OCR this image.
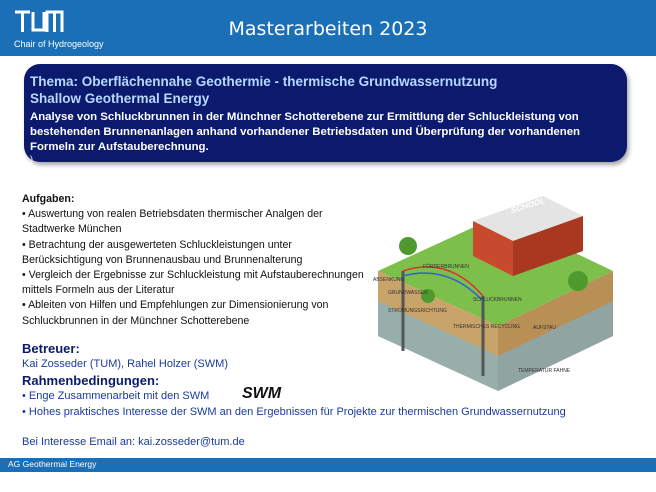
Chair of Hydrogeology
Masterarbeiten 2023
Thema: Oberflächennahe Geothermie - thermische Grundwassernutzung
Shallow Geothermal Energy
Analyse von Schluckbrunnen in der Münchner Schotterebene zur Ermittlung der Schluckleistung von bestehenden Brunnenanlagen anhand vorhandener Betriebsdaten und Überprüfung der vorhandenen Formeln zur Aufstauberechnung.
)
Aufgaben:
• Auswertung von realen Betriebsdaten thermischer Analgen der Stadtwerke München
• Betrachtung der ausgewerteten Schluckleistungen unter Berücksichtigung von Brunnenausbau und Brunnenalterung
• Vergleich der Ergebnisse zur Schluckleistung mit Aufstauberechnungen mittels Formeln aus der Literatur
• Ableiten von Hilfen und Empfehlungen zur Dimensionierung von Schluckbrunnen in der Münchner Schotterebene
SCHOOL
FÖRDERBRUNNEN
ABSENKUNG
SCHLUCKBRUNNEN
GRUNDWASSER
STRÖMUNGSRICHTUNG
THERMISCHES RECYCLING	AUFSTAU
TEMPERATUR FAHNE
Betreuer:
Kai Zosseder (TUM), Rahel Holzer (SWM)
Rahmenbedingungen:
• Enge Zusammenarbeit mit den SWM
• Hohes praktisches Interesse der SWM an den Ergebnissen für Projekte zur thermischen Grundwassernutzung
SWM
Bei Interesse Email an: kai.zosseder@tum.de
AG Geothermal Energy
